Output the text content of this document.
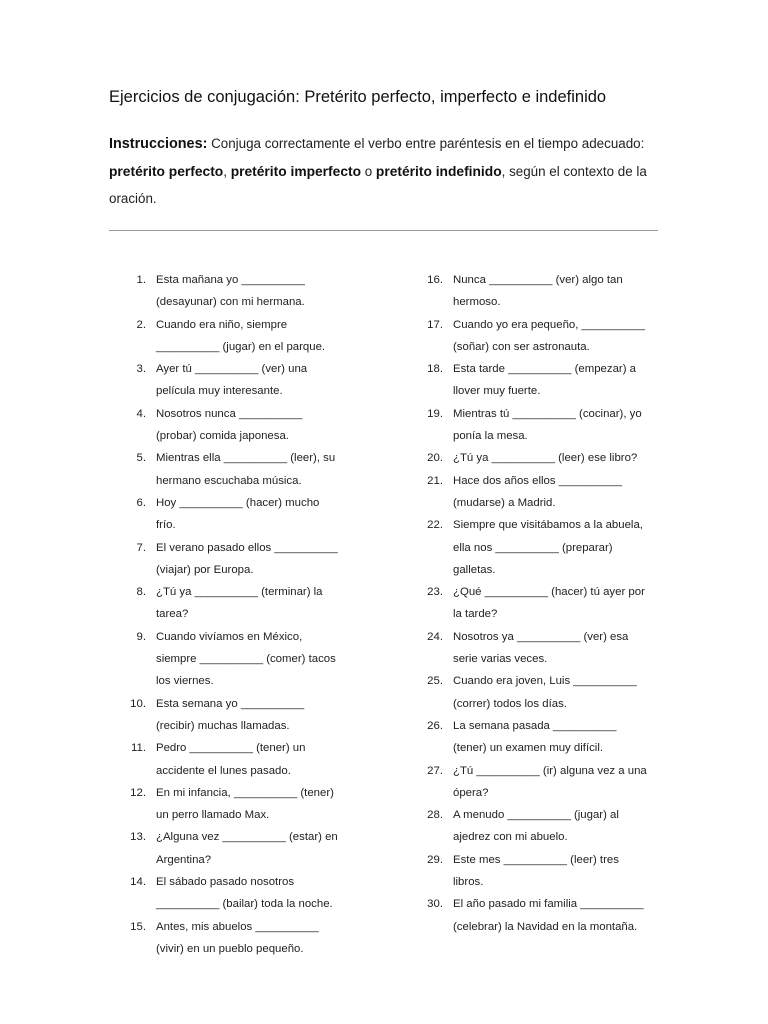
Ejercicios de conjugación: Pretérito perfecto, imperfecto e indefinido
Instrucciones: Conjuga correctamente el verbo entre paréntesis en el tiempo adecuado: pretérito perfecto, pretérito imperfecto o pretérito indefinido, según el contexto de la oración.
1. Esta mañana yo __________ (desayunar) con mi hermana.
2. Cuando era niño, siempre __________ (jugar) en el parque.
3. Ayer tú __________ (ver) una película muy interesante.
4. Nosotros nunca __________ (probar) comida japonesa.
5. Mientras ella __________ (leer), su hermano escuchaba música.
6. Hoy __________ (hacer) mucho frío.
7. El verano pasado ellos __________ (viajar) por Europa.
8. ¿Tú ya __________ (terminar) la tarea?
9. Cuando vivíamos en México, siempre __________ (comer) tacos los viernes.
10. Esta semana yo __________ (recibir) muchas llamadas.
11. Pedro __________ (tener) un accidente el lunes pasado.
12. En mi infancia, __________ (tener) un perro llamado Max.
13. ¿Alguna vez __________ (estar) en Argentina?
14. El sábado pasado nosotros __________ (bailar) toda la noche.
15. Antes, mis abuelos __________ (vivir) en un pueblo pequeño.
16. Nunca __________ (ver) algo tan hermoso.
17. Cuando yo era pequeño, __________ (soñar) con ser astronauta.
18. Esta tarde __________ (empezar) a llover muy fuerte.
19. Mientras tú __________ (cocinar), yo ponía la mesa.
20. ¿Tú ya __________ (leer) ese libro?
21. Hace dos años ellos __________ (mudarse) a Madrid.
22. Siempre que visitábamos a la abuela, ella nos __________ (preparar) galletas.
23. ¿Qué __________ (hacer) tú ayer por la tarde?
24. Nosotros ya __________ (ver) esa serie varias veces.
25. Cuando era joven, Luis __________ (correr) todos los días.
26. La semana pasada __________ (tener) un examen muy difícil.
27. ¿Tú __________ (ir) alguna vez a una ópera?
28. A menudo __________ (jugar) al ajedrez con mi abuelo.
29. Este mes __________ (leer) tres libros.
30. El año pasado mi familia __________ (celebrar) la Navidad en la montaña.
